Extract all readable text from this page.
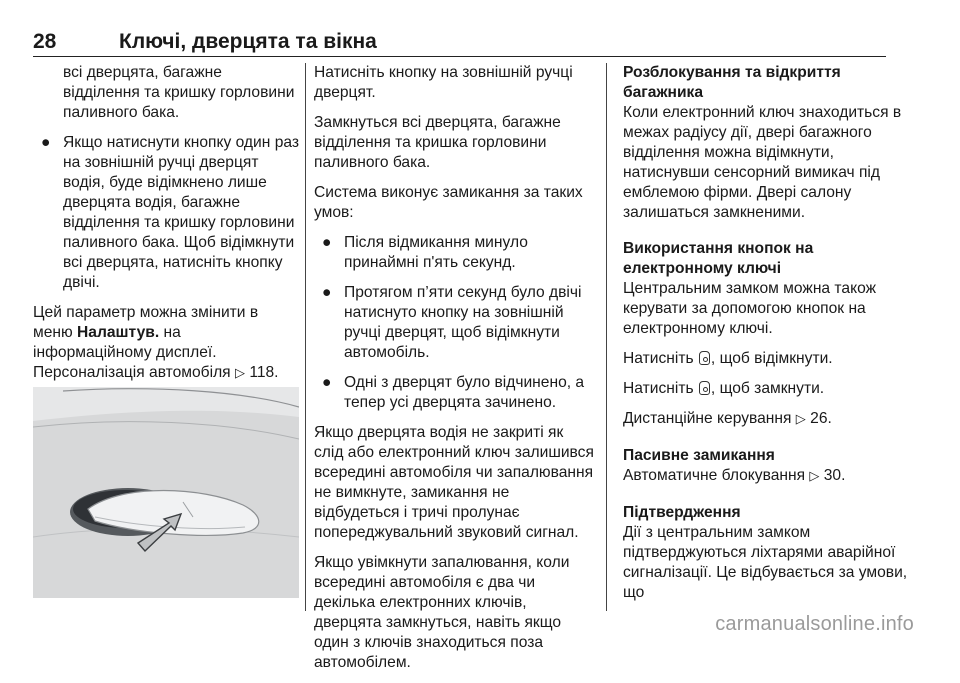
28	Ключі, дверцята та вікна

всі дверцята, багажне відділення та кришку горловини паливного бака.

● Якщо натиснути кнопку один раз на зовнішній ручці дверцят водія, буде відімкнено лише дверцята водія, багажне відділення та кришку горловини паливного бака. Щоб відімкнути всі дверцята, натисніть кнопку двічі.

Цей параметр можна змінити в меню Налаштув. на інформаційному дисплеї. Персоналізація автомобіля ▷ 118.

Натисніть кнопку на зовнішній ручці дверцят.

Замкнуться всі дверцята, багажне відділення та кришка горловини паливного бака.

Система виконує замикання за таких умов:

● Після відмикання минуло принаймні п'ять секунд.
● Протягом п’яти секунд було двічі натиснуто кнопку на зовнішній ручці дверцят, щоб відімкнути автомобіль.
● Одні з дверцят було відчинено, а тепер усі дверцята зачинено.

Якщо дверцята водія не закриті як слід або електронний ключ залишився всередині автомобіля чи запалювання не вимкнуте, замикання не відбудеться і тричі пролунає попереджувальний звуковий сигнал.

Якщо увімкнути запалювання, коли всередині автомобіля є два чи декілька електронних ключів, дверцята замкнуться, навіть якщо один з ключів знаходиться поза автомобілем.

Розблокування та відкриття багажника

Коли електронний ключ знаходиться в межах радіусу дії, двері багажного відділення можна відімкнути, натиснувши сенсорний вимикач під емблемою фірми. Двері салону залишаться замкненими.

Використання кнопок на електронному ключі

Центральним замком можна також керувати за допомогою кнопок на електронному ключі.

Натисніть , щоб відімкнути.

Натисніть , щоб замкнути.

Дистанційне керування ▷ 26.

Пасивне замикання

Автоматичне блокування ▷ 30.

Підтвердження

Дії з центральним замком підтверджуються ліхтарями аварійної сигналізації. Це відбувається за умови, що

carmanualsonline.info
